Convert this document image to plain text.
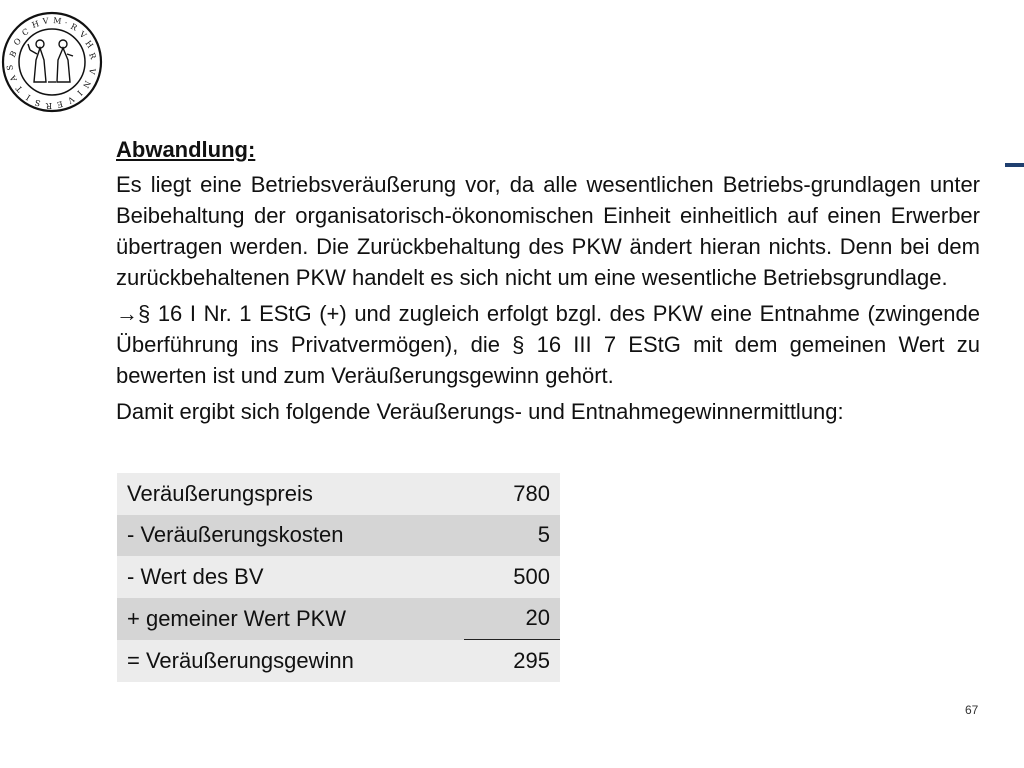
B
O
C
H V M · R
V
H
R
V
N
I
V
E
R
S
I
T
A
S

Abwandlung:

Es liegt eine Betriebsveräußerung vor, da alle wesentlichen Betriebs-grundlagen unter Beibehaltung der organisatorisch-ökonomischen Einheit einheitlich auf einen Erwerber übertragen werden. Die Zurückbehaltung des PKW ändert hieran nichts. Denn bei dem zurückbehaltenen PKW handelt es sich nicht um eine wesentliche Betriebsgrundlage.

→§ 16 I Nr. 1 EStG (+) und zugleich erfolgt bzgl. des PKW eine Entnahme (zwingende Überführung ins Privatvermögen), die § 16 III 7 EStG mit dem gemeinen Wert zu bewerten ist und zum Veräußerungsgewinn gehört.

Damit ergibt sich folgende Veräußerungs- und Entnahmegewinnermittlung:

Veräußerungspreis	780
- Veräußerungskosten	5
- Wert des BV	500
+ gemeiner Wert PKW	20
= Veräußerungsgewinn	295
67
